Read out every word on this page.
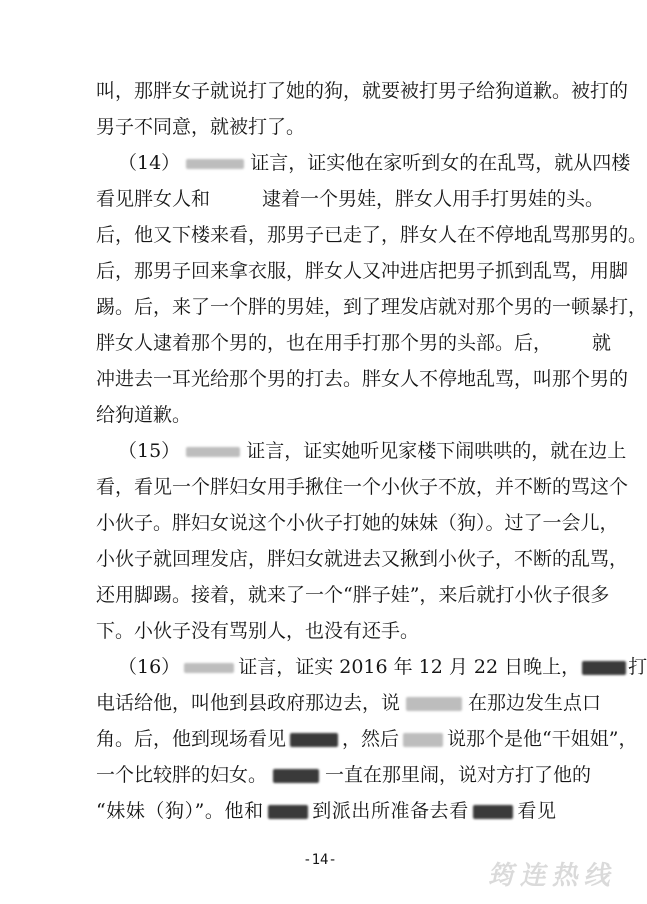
叫，那胖女子就说打了她的狗，就要被打男子给狗道歉。被打的
男子不同意，就被打了。
（14）	证言，证实他在家听到女的在乱骂，就从四楼
看见胖女人和	逮着一个男娃，胖女人用手打男娃的头。
后，他又下楼来看，那男子已走了，胖女人在不停地乱骂那男的。
后，那男子回来拿衣服，胖女人又冲进店把男子抓到乱骂，用脚
踢。后，来了一个胖的男娃，到了理发店就对那个男的一顿暴打，
胖女人逮着那个男的，也在用手打那个男的头部。后， 就
冲进去一耳光给那个男的打去。胖女人不停地乱骂，叫那个男的
给狗道歉。
（15）	证言，证实她听见家楼下闹哄哄的，就在边上
看，看见一个胖妇女用手揪住一个小伙子不放，并不断的骂这个
小伙子。胖妇女说这个小伙子打她的妹妹（狗）。过了一会儿，
小伙子就回理发店，胖妇女就进去又揪到小伙子，不断的乱骂，
还用脚踢。接着，就来了一个“胖子娃”，来后就打小伙子很多
下。小伙子没有骂别人，也没有还手。
（16）	证言，证实 2016 年 12 月 22 日晚上，	打
电话给他，叫他到县政府那边去，说	在那边发生点口
角。后，他到现场看见	，然后	说那个是他“干姐姐”，
一个比较胖的妇女。	一直在那里闹，说对方打了他的
“妹妹（狗）”。他和	到派出所准备去看	看见
-14-
筠连热线
